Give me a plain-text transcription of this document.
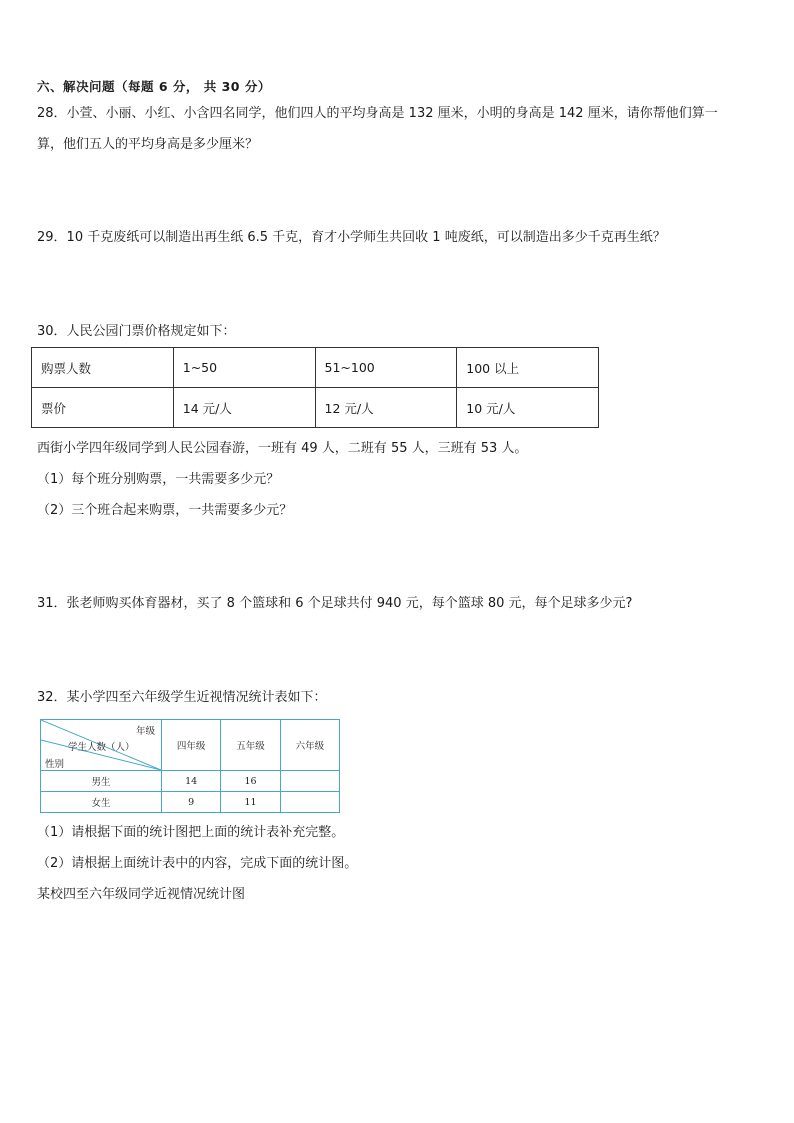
六、解决问题（每题 6 分， 共 30 分）
28．小萱、小丽、小红、小含四名同学，他们四人的平均身高是 132 厘米，小明的身高是 142 厘米，请你帮他们算一
算，他们五人的平均身高是多少厘米？
29．10 千克废纸可以制造出再生纸 6.5 千克，育才小学师生共回收 1 吨废纸，可以制造出多少千克再生纸？
30．人民公园门票价格规定如下：
购票人数	1~50	51~100	100 以上
票价	14 元/人	12 元/人	10 元/人
西街小学四年级同学到人民公园春游，一班有 49 人，二班有 55 人，三班有 53 人。
（1）每个班分别购票，一共需要多少元？
（2）三个班合起来购票，一共需要多少元？
31．张老师购买体育器材，买了 8 个篮球和 6 个足球共付 940 元，每个篮球 80 元，每个足球多少元?
32．某小学四至六年级学生近视情况统计表如下：
年级
学生人数（人）
性别	四年级	五年级	六年级
男生	14	16	
女生	9	11	
（1）请根据下面的统计图把上面的统计表补充完整。
（2）请根据上面统计表中的内容，完成下面的统计图。
某校四至六年级同学近视情况统计图
